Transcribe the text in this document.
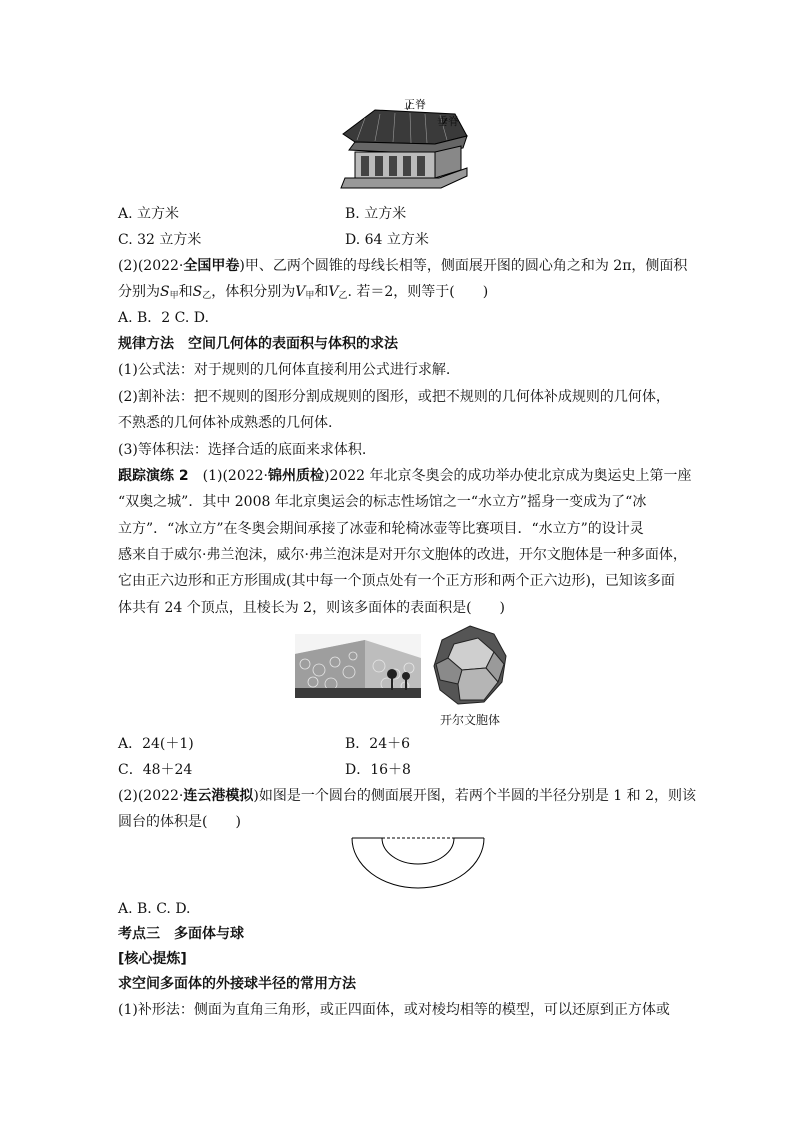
正脊
垂脊
A. 立方米	B. 立方米
C. 32 立方米	D. 64 立方米
(2)(2022·全国甲卷)甲、乙两个圆锥的母线长相等，侧面展开图的圆心角之和为 2π，侧面积
分别为$S_甲$和$S_乙$，体积分别为$V_甲$和$V_乙$. 若＝2，则等于(　　)
A. B．2 C. D.
规律方法　空间几何体的表面积与体积的求法
(1)公式法：对于规则的几何体直接利用公式进行求解.
(2)割补法：把不规则的图形分割成规则的图形，或把不规则的几何体补成规则的几何体，
不熟悉的几何体补成熟悉的几何体.
(3)等体积法：选择合适的底面来求体积.
跟踪演练 2　 (1)(2022·锦州质检)2022 年北京冬奥会的成功举办使北京成为奥运史上第一座
“双奥之城”．其中 2008 年北京奥运会的标志性场馆之一“水立方”摇身一变成为了“冰
立方”．“冰立方”在冬奥会期间承接了冰壶和轮椅冰壶等比赛项目．“水立方”的设计灵
感来自于威尔·弗兰泡沫，威尔·弗兰泡沫是对开尔文胞体的改进，开尔文胞体是一种多面体，
它由正六边形和正方形围成(其中每一个顶点处有一个正方形和两个正六边形)，已知该多面
体共有 24 个顶点，且棱长为 2，则该多面体的表面积是(　　)
开尔文胞体
A．24(＋1)	B．24＋6
C．48＋24	D．16＋8
(2)(2022·连云港模拟)如图是一个圆台的侧面展开图，若两个半圆的半径分别是 1 和 2，则该
圆台的体积是(　　)
A. B. C. D.
考点三　多面体与球
[核心提炼]
求空间多面体的外接球半径的常用方法
(1)补形法：侧面为直角三角形，或正四面体，或对棱均相等的模型，可以还原到正方体或
